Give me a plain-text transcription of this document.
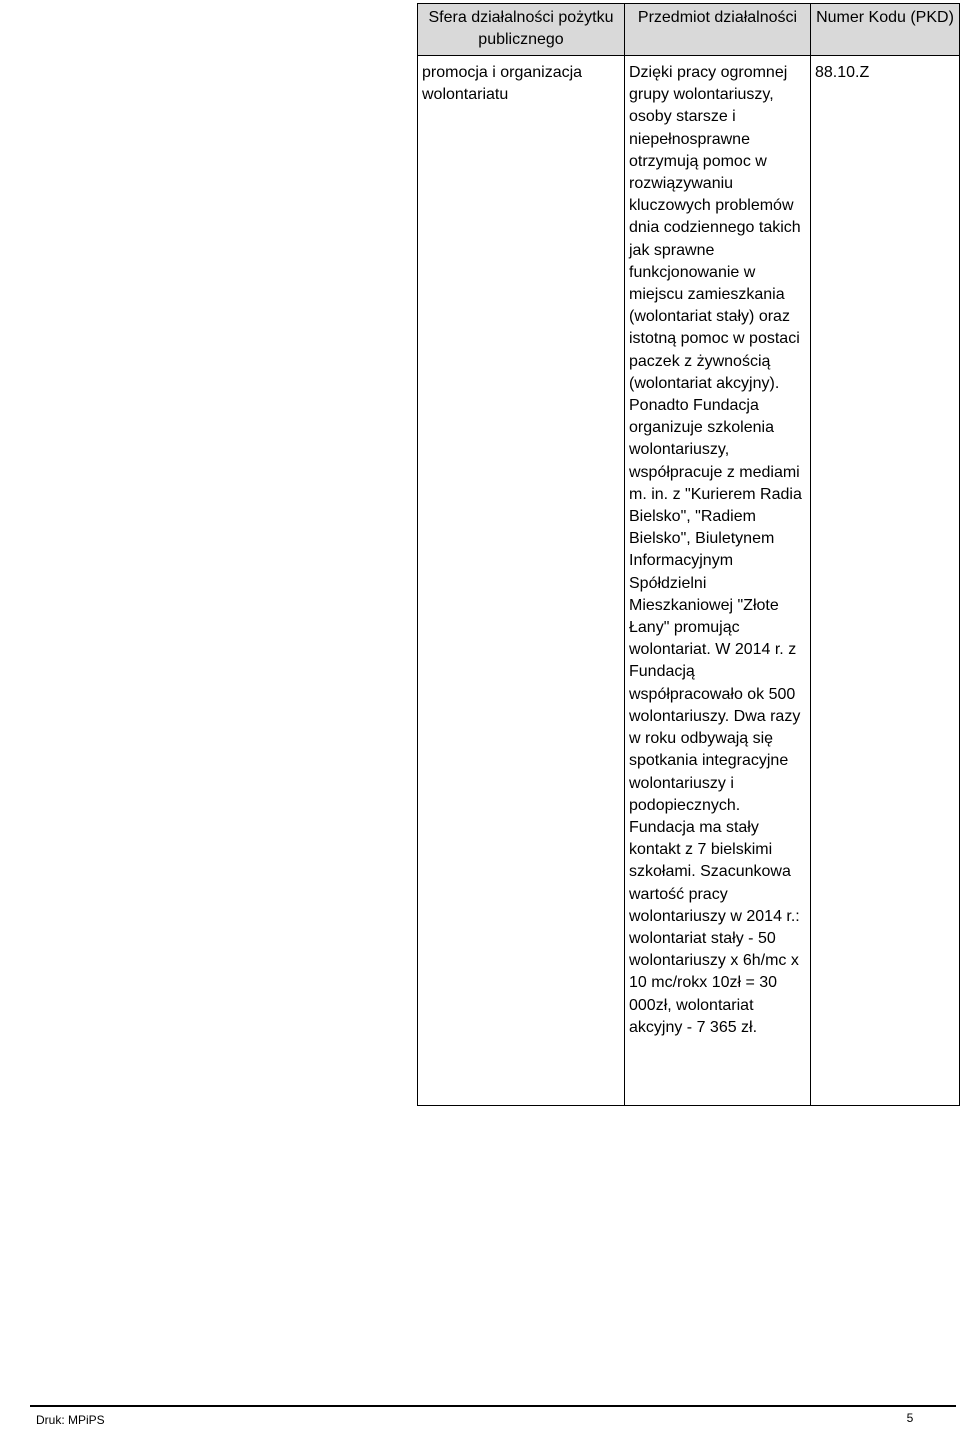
Sfera działalności pożytku publicznego	Przedmiot działalności	Numer Kodu (PKD)

promocja i organizacja wolontariatu	Dzięki pracy ogromnej grupy wolontariuszy, osoby starsze i niepełnosprawne otrzymują pomoc w rozwiązywaniu kluczowych problemów dnia codziennego takich jak sprawne funkcjonowanie w miejscu zamieszkania (wolontariat stały) oraz istotną pomoc w postaci paczek z żywnością (wolontariat akcyjny). Ponadto Fundacja organizuje szkolenia wolontariuszy, współpracuje z mediami m. in. z "Kurierem Radia Bielsko", "Radiem Bielsko", Biuletynem Informacyjnym Spółdzielni Mieszkaniowej "Złote Łany" promując wolontariat. W 2014 r. z Fundacją współpracowało ok 500 wolontariuszy. Dwa razy w roku odbywają się spotkania integracyjne wolontariuszy i podopiecznych. Fundacja ma stały kontakt z 7 bielskimi szkołami. Szacunkowa wartość pracy wolontariuszy w 2014 r.: wolontariat stały - 50 wolontariuszy x 6h/mc x 10 mc/rokx 10zł = 30 000zł, wolontariat akcyjny - 7 365 zł.	88.10.Z
Druk: MPiPS	5
